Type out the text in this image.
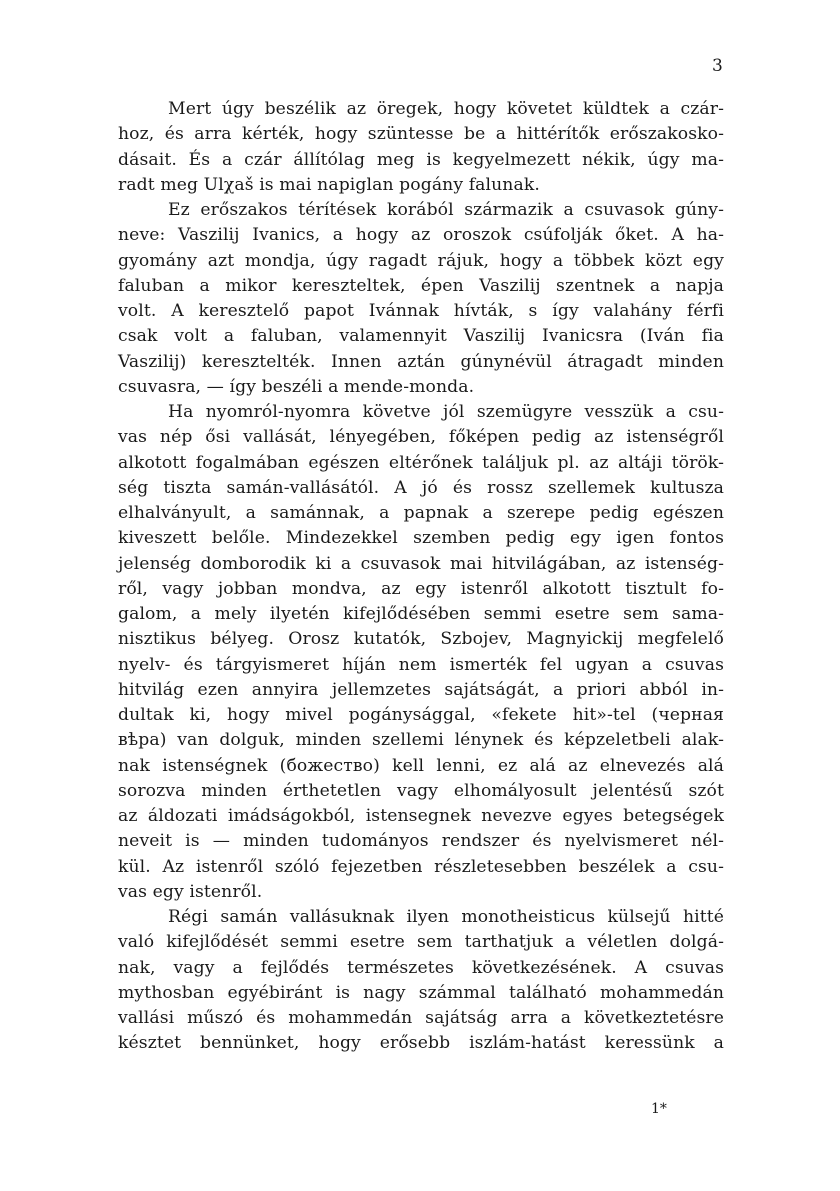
3
Mert úgy beszélik az öregek, hogy követet küldtek a czár-
hoz, és arra kérték, hogy szüntesse be a hittérítők erőszakosko-
dásait. És a czár állítólag meg is kegyelmezett nékik, úgy ma-
radt meg Ulχaš is mai napiglan pogány falunak.
Ez erőszakos térítések korából származik a csuvasok gúny-
neve: Vaszilij Ivanics, a hogy az oroszok csúfolják őket. A ha-
gyomány azt mondja, úgy ragadt rájuk, hogy a többek közt egy
faluban a mikor kereszteltek, épen Vaszilij szentnek a napja
volt. A keresztelő papot Ivánnak hívták, s így valahány férfi
csak volt a faluban, valamennyit Vaszilij Ivanicsra (Iván fia
Vaszilij) keresztelték. Innen aztán gúnynévül átragadt minden
csuvasra, — így beszéli a mende-monda.
Ha nyomról-nyomra követve jól szemügyre vesszük a csu-
vas nép ősi vallását, lényegében, főképen pedig az istenségről
alkotott fogalmában egészen eltérőnek találjuk pl. az altáji török-
ség tiszta samán-vallásától. A jó és rossz szellemek kultusza
elhalványult, a samánnak, a papnak a szerepe pedig egészen
kiveszett belőle. Mindezekkel szemben pedig egy igen fontos
jelenség domborodik ki a csuvasok mai hitvilágában, az istenség-
ről, vagy jobban mondva, az egy istenről alkotott tisztult fo-
galom, a mely ilyetén kifejlődésében semmi esetre sem sama-
nisztikus bélyeg. Orosz kutatók, Szbojev, Magnyickij megfelelő
nyelv- és tárgyismeret híján nem ismerték fel ugyan a csuvas
hitvilág ezen annyira jellemzetes sajátságát, a priori abból in-
dultak ki, hogy mivel pogánysággal, «fekete hit»-tel (черная
вѣра) van dolguk, minden szellemi lénynek és képzeletbeli alak-
nak istenségnek (божество) kell lenni, ez alá az elnevezés alá
sorozva minden érthetetlen vagy elhomályosult jelentésű szót
az áldozati imádságokból, istensegnek nevezve egyes betegségek
neveit is — minden tudományos rendszer és nyelvismeret nél-
kül. Az istenről szóló fejezetben részletesebben beszélek a csu-
vas egy istenről.
Régi samán vallásuknak ilyen monotheisticus külsejű hitté
való kifejlődését semmi esetre sem tarthatjuk a véletlen dolgá-
nak, vagy a fejlődés természetes következésének. A csuvas
mythosban egyébiránt is nagy számmal található mohammedán
vallási műszó és mohammedán sajátság arra a következtetésre
késztet bennünket, hogy erősebb iszlám-hatást keressünk a
1*
